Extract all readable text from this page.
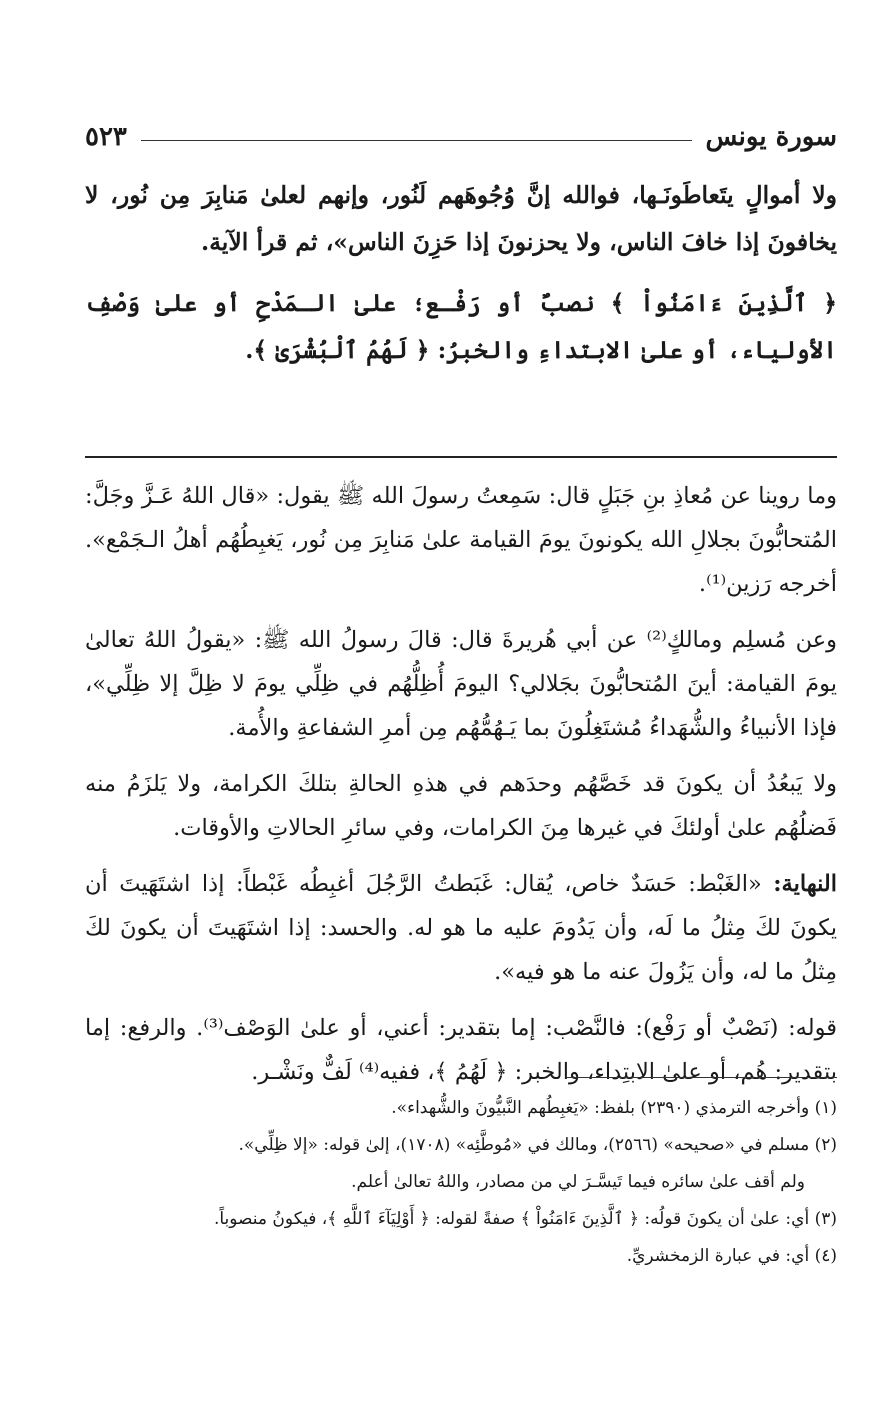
سورة يونس
٥٢٣

ولا أموالٍ يتَعاطَونَـها، فوالله إنَّ وُجُوهَهم لَنُور، وإنهم لعلىٰ مَنابِرَ مِن نُور، لا يخافونَ إذا خافَ الناس، ولا يحزنونَ إذا حَزِنَ الناس»، ثم قرأ الآية.

﴿ ٱلَّذِينَ ءَامَنُواْ ﴾ نصبٌ أو رَفْـع؛ علىٰ الـمَدْحِ أو علىٰ وَصْفِ الأولياء، أو علىٰ الابتداءِ والخبرُ: ﴿ لَهُمُ ٱلْبُشْرَىٰ ﴾.

وما روينا عن مُعاذِ بنِ جَبَلٍ قال: سَمِعتُ رسولَ الله ﷺ يقول: «قال اللهُ عَـزَّ وجَلَّ: المُتحابُّونَ بجلالِ الله يكونونَ يومَ القيامة علىٰ مَنابِرَ مِن نُور، يَغبِطُهُم أهلُ الـجَمْع». أخرجه رَزين⁽¹⁾.

وعن مُسلِم ومالكٍ⁽²⁾ عن أبي هُريرةَ قال: قالَ رسولُ الله ﷺ: «يقولُ اللهُ تعالىٰ يومَ القيامة: أينَ المُتحابُّونَ بجَلالي؟ اليومَ أُظِلُّهُم في ظِلِّي يومَ لا ظِلَّ إلا ظِلِّي»، فإذا الأنبياءُ والشُّهَداءُ مُشتَغِلُونَ بما يَـهُمُّهُم مِن أمرِ الشفاعةِ والأُمة.

ولا يَبعُدُ أن يكونَ قد خَصَّهُم وحدَهم في هذهِ الحالةِ بتلكَ الكرامة، ولا يَلزَمُ منه فَضلُهُم علىٰ أولئكَ في غيرها مِنَ الكرامات، وفي سائرِ الحالاتِ والأوقات.

النهاية: «الغَبْط: حَسَدٌ خاص، يُقال: غَبَطتُ الرَّجُلَ أغبِطُه غَبْطاً: إذا اشتَهَيتَ أن يكونَ لكَ مِثلُ ما لَه، وأن يَدُومَ عليه ما هو له. والحسد: إذا اشتَهَيتَ أن يكونَ لكَ مِثلُ ما له، وأن يَزُولَ عنه ما هو فيه».

قوله: (نَصْبٌ أو رَفْع): فالنَّصْب: إما بتقدير: أعني، أو علىٰ الوَصْف⁽³⁾. والرفع: إما بتقدير: هُم، أو علىٰ الابتِداء، والخبر: ﴿ لَهُمُ ﴾، ففيه⁽⁴⁾ لَفٌّ ونَشْـر.

(١) وأخرجه الترمذي (٢٣٩٠) بلفظ: «يَغبِطُهم النَّبيُّونَ والشُّهداء».

(٢) مسلم في «صحيحه» (٢٥٦٦)، ومالك في «مُوطَّئِه» (١٧٠٨)، إلىٰ قوله: «إلا ظِلِّي».

ولم أقف علىٰ سائره فيما تَيسَّـرَ لي من مصادر، واللهُ تعالىٰ أعلم.

(٣) أي: علىٰ أن يكونَ قولُه: ﴿ ٱلَّذِينَ ءَامَنُواْ ﴾ صفةً لقوله: ﴿ أَوْلِيَآءَ ٱللَّهِ ﴾، فيكونُ منصوباً.

(٤) أي: في عبارة الزمخشريِّ.
